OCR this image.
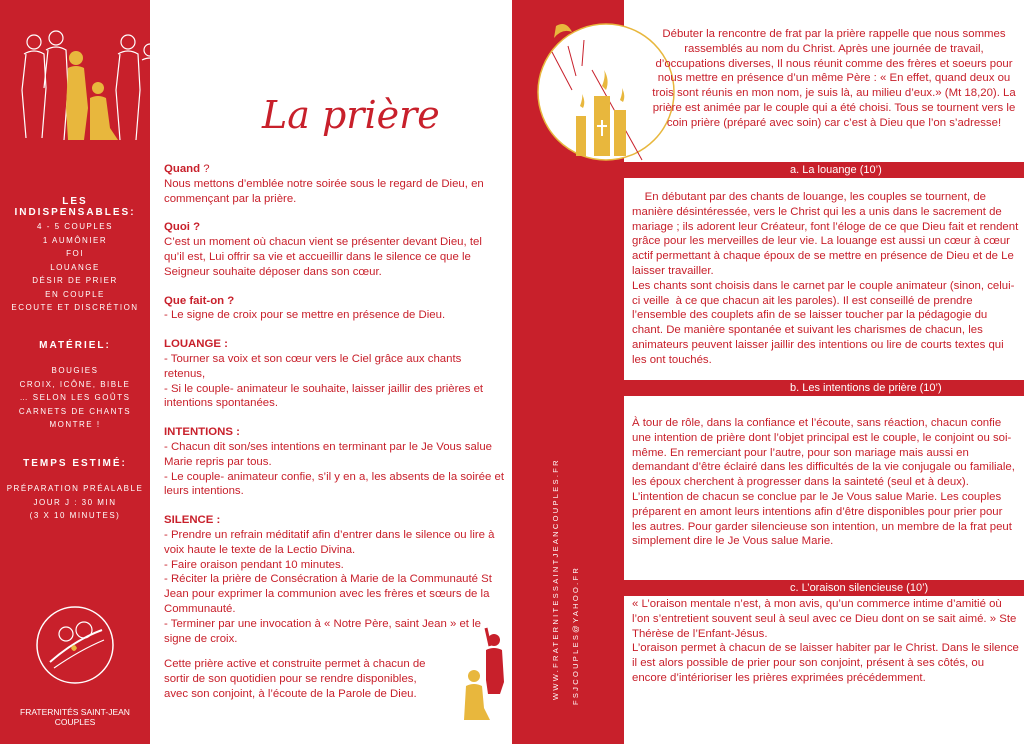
LES INDISPENSABLES:
4 - 5 COUPLES
1 AUMÔNIER
FOI
LOUANGE
DÉSIR DE PRIER
EN COUPLE
ECOUTE ET DISCRÉTION
MATÉRIEL:
BOUGIES
CROIX, ICÔNE, BIBLE
… SELON LES GOÛTS
CARNETS DE CHANTS
MONTRE !
TEMPS ESTIMÉ:
PRÉPARATION PRÉALABLE
JOUR J : 30 MIN
(3 X 10 MINUTES)
FRATERNITÉS SAINT-JEAN
COUPLES
La prière

Quand ?
Nous mettons d’emblée notre soirée sous le regard de Dieu, en commençant par la prière.

Quoi ?
C’est un moment où chacun vient se présenter devant Dieu, tel qu’il est, Lui offrir sa vie et accueillir dans le silence ce que le Seigneur souhaite déposer dans son cœur.

Que fait-on ?
- Le signe de croix pour se mettre en présence de Dieu.

LOUANGE :
- Tourner sa voix et son cœur vers le Ciel grâce aux chants retenus,
- Si le couple- animateur le souhaite, laisser jaillir des prières et intentions spontanées.

INTENTIONS :
- Chacun dit son/ses intentions en terminant par le Je Vous salue Marie repris par tous.
- Le couple- animateur confie, s’il y en a, les absents de la soirée et leurs intentions.

SILENCE :
- Prendre un refrain méditatif afin d’entrer dans le silence ou lire à voix haute le texte de la Lectio Divina.
- Faire oraison pendant 10 minutes.
- Réciter la prière de Consécration à Marie de la Communauté St Jean pour exprimer la communion avec les frères et sœurs de la Communauté.
- Terminer par une invocation à « Notre Père, saint Jean » et le signe de croix.

Cette prière active et construite permet à chacun de
sortir de son quotidien pour se rendre disponibles,
avec son conjoint, à l’écoute de la Parole de Dieu.	WWW.FRATERNITESSAINTJEANCOUPLES.FR FSJCOUPLES@YAHOO.FR
Débuter la rencontre de frat par la prière rappelle que nous sommes rassemblés au nom du Christ. Après une journée de travail, d’occupations diverses, Il nous réunit comme des frères et soeurs pour nous mettre en présence d’un même Père : « En effet, quand deux ou trois sont réunis en mon nom, je suis là, au milieu d’eux.» (Mt 18,20). La prière est animée par le couple qui a été choisi. Tous se tournent vers le coin prière (préparé avec soin) car c’est à Dieu que l’on s’adresse!
a. La louange (10’)
En débutant par des chants de louange, les couples se tournent, de manière désintéressée, vers le Christ qui les a unis dans le sacrement de mariage ; ils adorent leur Créateur, font l’éloge de ce que Dieu fait et rendent grâce pour les merveilles de leur vie. La louange est aussi un cœur à cœur actif permettant à chaque époux de se mettre en présence de Dieu et de Le laisser travailler.
Les chants sont choisis dans le carnet par le couple animateur (sinon, celui-ci veille  à ce que chacun ait les paroles). Il est conseillé de prendre l’ensemble des couplets afin de se laisser toucher par la pédagogie du chant. De manière spontanée et suivant les charismes de chacun, les animateurs peuvent laisser jaillir des intentions ou lire de courts textes qui les ont touchés.
b. Les intentions de prière (10’)
À tour de rôle, dans la confiance et l’écoute, sans réaction, chacun confie une intention de prière dont l’objet principal est le couple, le conjoint ou soi-même. En remerciant pour l’autre, pour son mariage mais aussi en demandant d’être éclairé dans les difficultés de la vie conjugale ou familiale, les époux cherchent à progresser dans la sainteté (seul et à deux).
L’intention de chacun se conclue par le Je Vous salue Marie. Les couples préparent en amont leurs intentions afin d’être disponibles pour prier pour les autres. Pour garder silencieuse son intention, un membre de la frat peut simplement dire le Je Vous salue Marie.
c. L’oraison silencieuse (10’)
« L’oraison mentale n’est, à mon avis, qu’un commerce intime d’amitié où l’on s’entretient souvent seul à seul avec ce Dieu dont on se sait aimé. » Ste Thérèse de l’Enfant-Jésus.
L’oraison permet à chacun de se laisser habiter par le Christ. Dans le silence il est alors possible de prier pour son conjoint, présent à ses côtés, ou encore d’intérioriser les prières exprimées précédemment.
